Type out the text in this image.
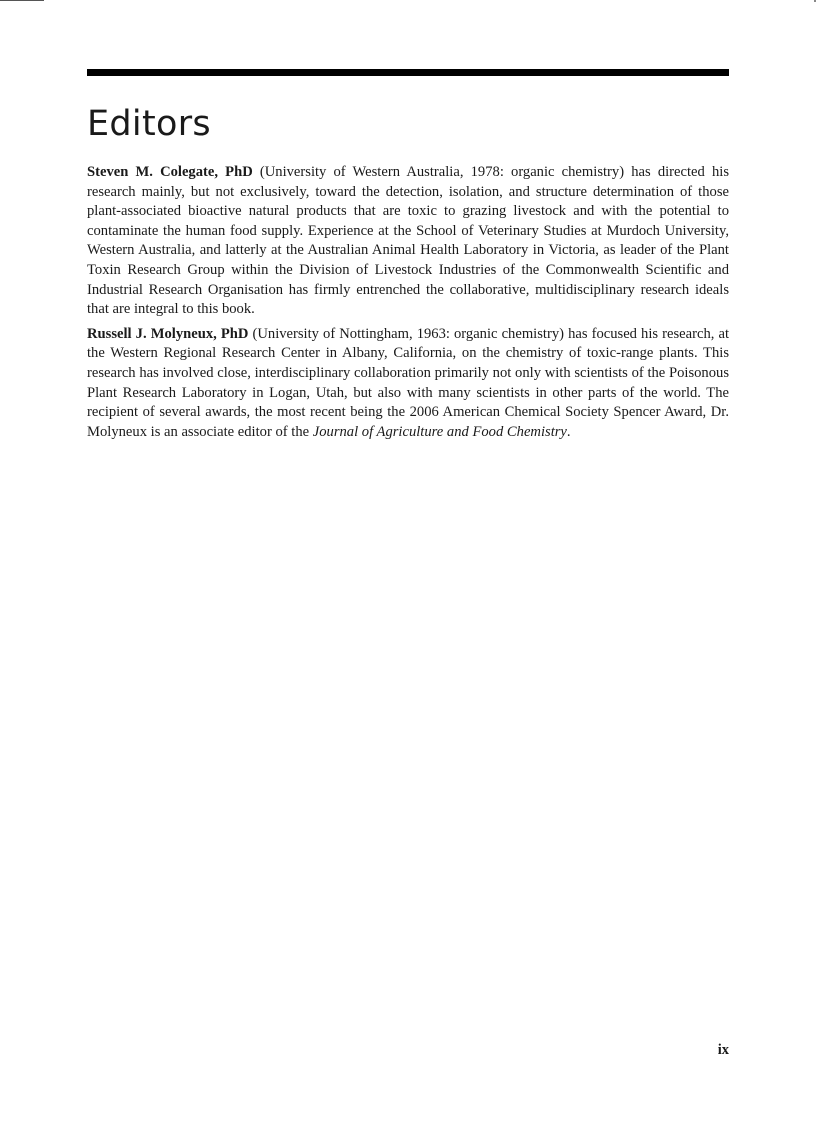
Editors

Steven M. Colegate, PhD (University of Western Australia, 1978: organic chemistry) has directed his research mainly, but not exclusively, toward the detection, isolation, and structure determination of those plant-associated bioactive natural products that are toxic to grazing livestock and with the potential to contaminate the human food supply. Experience at the School of Veterinary Studies at Murdoch University, Western Australia, and latterly at the Australian Animal Health Laboratory in Victoria, as leader of the Plant Toxin Research Group within the Division of Livestock Industries of the Commonwealth Scientific and Industrial Research Organisation has firmly entrenched the collaborative, multidisciplinary research ideals that are integral to this book.

Russell J. Molyneux, PhD (University of Nottingham, 1963: organic chemistry) has focused his research, at the Western Regional Research Center in Albany, California, on the chemistry of toxic-range plants. This research has involved close, interdisciplinary collaboration primarily not only with scientists of the Poisonous Plant Research Laboratory in Logan, Utah, but also with many scientists in other parts of the world. The recipient of several awards, the most recent being the 2006 American Chemical Society Spencer Award, Dr. Molyneux is an associate editor of the Journal of Agriculture and Food Chemistry.

ix
